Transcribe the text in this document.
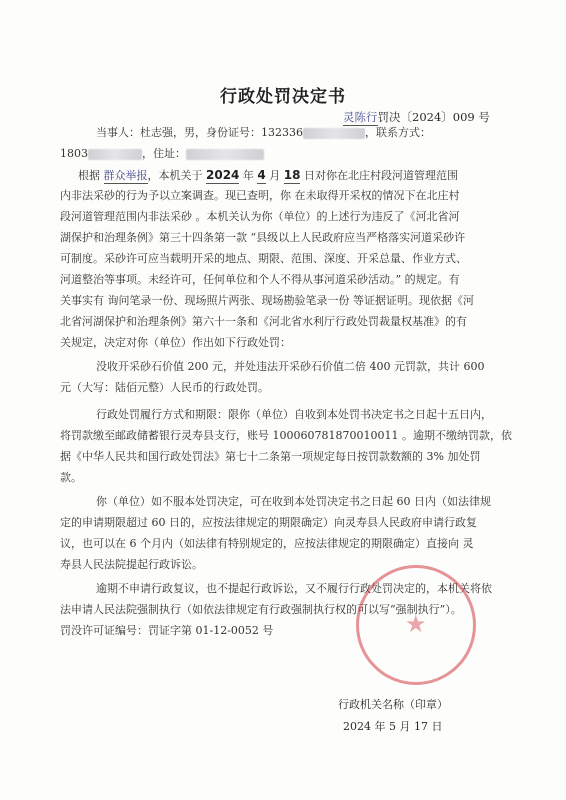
行政处罚决定书
灵陈行罚决〔2024〕009 号
当事人：杜志强，男，身份证号：132336	，联系方式：
1803	，住址：
根据 群众举报，本机关于 2024 年 4 月 18 日对你在北庄村段河道管理范围
内非法采砂的行为予以立案调查。现已查明，你 在未取得开采权的情况下在北庄村
段河道管理范围内非法采砂 。本机关认为你（单位）的上述行为违反了《河北省河
湖保护和治理条例》第三十四条第一款 “县级以上人民政府应当严格落实河道采砂许
可制度。采砂许可应当载明开采的地点、期限、范围、深度、开采总量、作业方式、
河道整治等事项。未经许可，任何单位和个人不得从事河道采砂活动。” 的规定。有
关事实有 询问笔录一份、现场照片两张、现场勘验笔录一份 等证据证明。现依据《河
北省河湖保护和治理条例》第六十一条和《河北省水利厅行政处罚裁量权基准》的有
关规定，决定对你（单位）作出如下行政处罚：
没收开采砂石价值 200 元，并处违法开采砂石价值二倍 400 元罚款，共计 600
元（大写：陆佰元整）人民币的行政处罚。
行政处罚履行方式和期限：限你（单位）自收到本处罚书决定书之日起十五日内，
将罚款缴至邮政储蓄银行灵寿县支行，账号 100060781870010011 。逾期不缴纳罚款，依
据《中华人民共和国行政处罚法》第七十二条第一项规定每日按罚款数额的 3% 加处罚
款。
你（单位）如不服本处罚决定，可在收到本处罚决定书之日起 60 日内（如法律规
定的申请期限超过 60 日的，应按法律规定的期限确定）向灵寿县人民政府申请行政复
议，也可以在 6 个月内（如法律有特别规定的，应按法律规定的期限确定）直接向 灵
寿县人民法院提起行政诉讼。
逾期不申请行政复议，也不提起行政诉讼，又不履行行政处罚决定的，本机关将依
法申请人民法院强制执行（如依法律规定有行政强制执行权的可以写“强制执行”）。
罚没许可证编号：罚证字第 01-12-0052 号	★
行政机关名称（印章）
2024 年 5 月 17 日
